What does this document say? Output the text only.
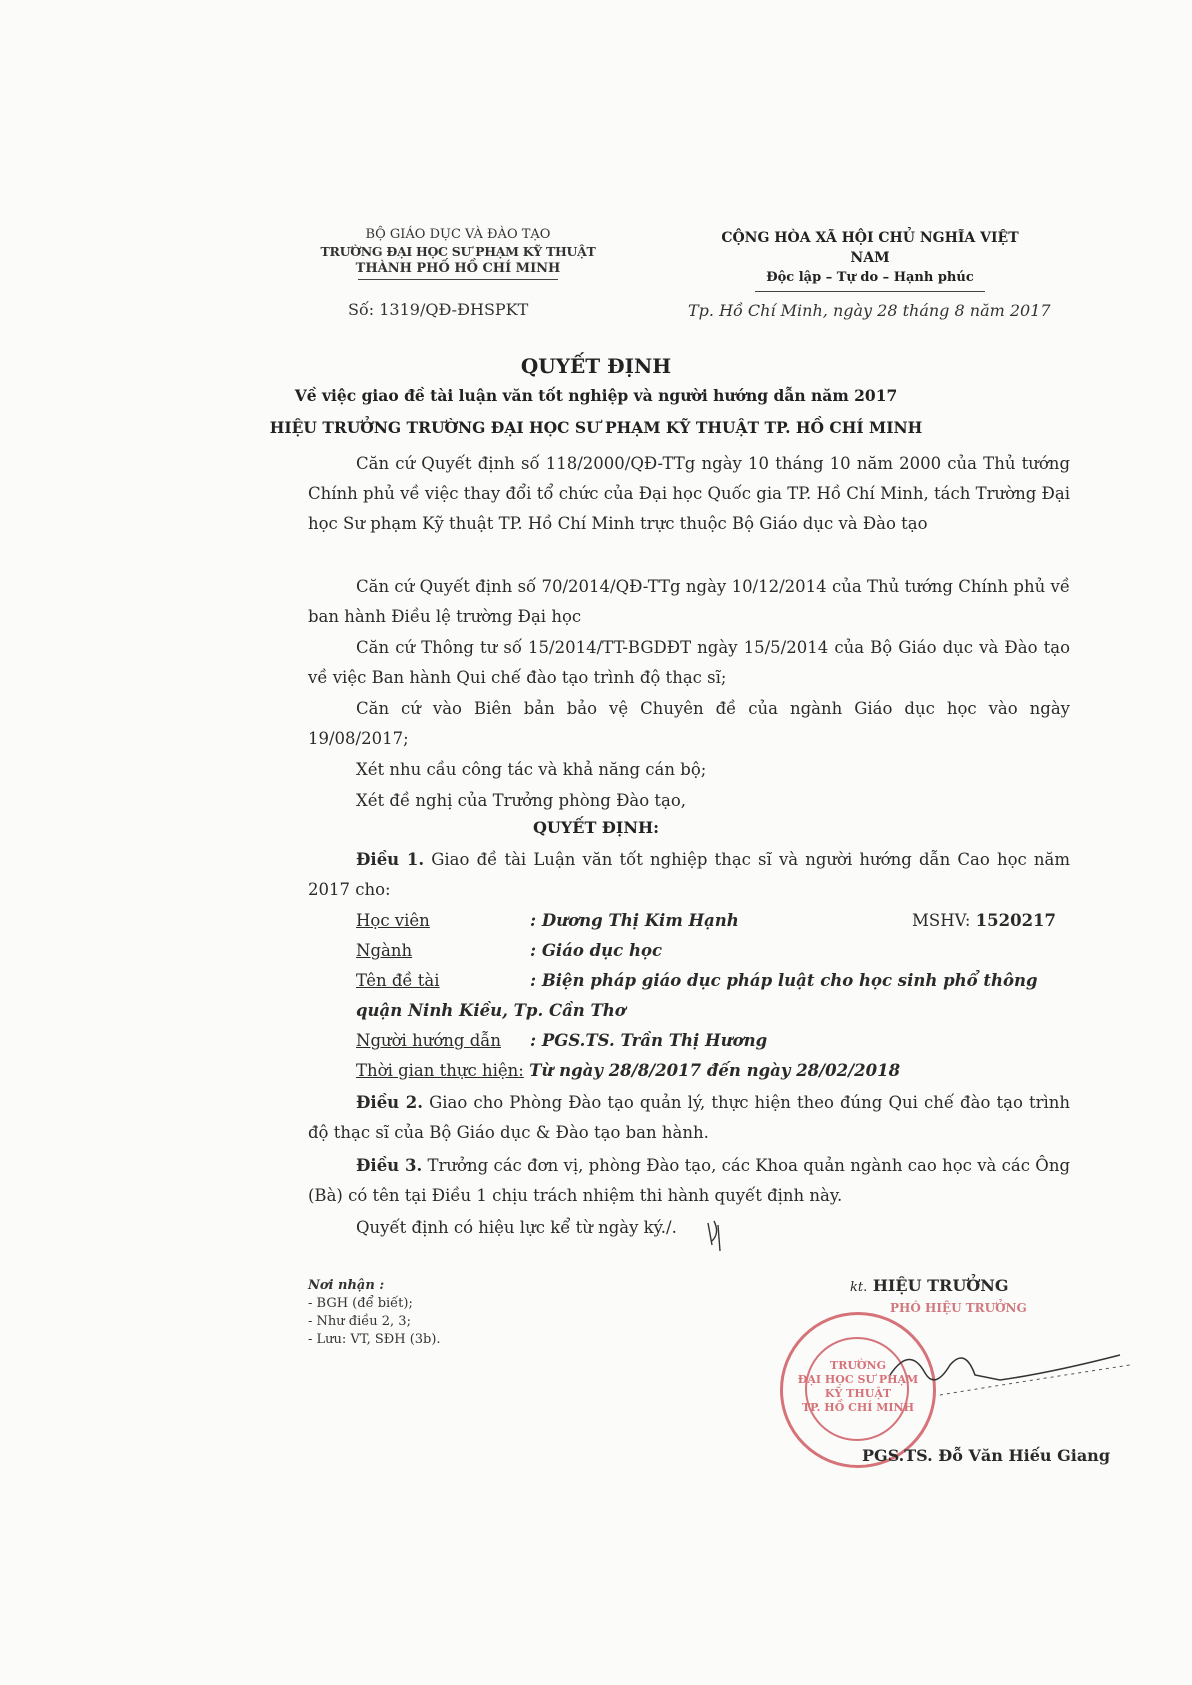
BỘ GIÁO DỤC VÀ ĐÀO TẠO
TRƯỜNG ĐẠI HỌC SƯ PHẠM KỸ THUẬT
THÀNH PHỐ HỒ CHÍ MINH
CỘNG HÒA XÃ HỘI CHỦ NGHĨA VIỆT NAM
Độc lập – Tự do – Hạnh phúc
Số: 1319/QĐ-ĐHSPKT	Tp. Hồ Chí Minh, ngày 28 tháng 8 năm 2017
QUYẾT ĐỊNH
Về việc giao đề tài luận văn tốt nghiệp và người hướng dẫn năm 2017
HIỆU TRƯỞNG TRƯỜNG ĐẠI HỌC SƯ PHẠM KỸ THUẬT TP. HỒ CHÍ MINH
Căn cứ Quyết định số 118/2000/QĐ-TTg ngày 10 tháng 10 năm 2000 của Thủ tướng Chính phủ về việc thay đổi tổ chức của Đại học Quốc gia TP. Hồ Chí Minh, tách Trường Đại học Sư phạm Kỹ thuật TP. Hồ Chí Minh trực thuộc Bộ Giáo dục và Đào tạo
Căn cứ Quyết định số 70/2014/QĐ-TTg ngày 10/12/2014 của Thủ tướng Chính phủ về ban hành Điều lệ trường Đại học
Căn cứ Thông tư số 15/2014/TT-BGDĐT ngày 15/5/2014 của Bộ Giáo dục và Đào tạo về việc Ban hành Qui chế đào tạo trình độ thạc sĩ;
Căn cứ vào Biên bản bảo vệ Chuyên đề của ngành Giáo dục học vào ngày 19/08/2017;
Xét nhu cầu công tác và khả năng cán bộ;
Xét đề nghị của Trưởng phòng Đào tạo,
QUYẾT ĐỊNH:
Điều 1. Giao đề tài Luận văn tốt nghiệp thạc sĩ và người hướng dẫn Cao học năm 2017 cho:
Học viên	: Dương Thị Kim Hạnh	MSHV: 1520217
Ngành	: Giáo dục học
Tên đề tài	: Biện pháp giáo dục pháp luật cho học sinh phổ thông
quận Ninh Kiều, Tp. Cần Thơ
Người hướng dẫn : PGS.TS. Trần Thị Hương
Thời gian thực hiện: Từ ngày 28/8/2017 đến ngày 28/02/2018
Điều 2. Giao cho Phòng Đào tạo quản lý, thực hiện theo đúng Qui chế đào tạo trình độ thạc sĩ của Bộ Giáo dục & Đào tạo ban hành.
Điều 3. Trưởng các đơn vị, phòng Đào tạo, các Khoa quản ngành cao học và các Ông (Bà) có tên tại Điều 1 chịu trách nhiệm thi hành quyết định này.
Quyết định có hiệu lực kể từ ngày ký./.
Nơi nhận :
- BGH (để biết);
- Như điều 2, 3;
- Lưu: VT, SĐH (3b).
kt. HIỆU TRƯỞNG
PHÓ HIỆU TRƯỞNG
TRƯỜNG
ĐẠI HỌC SƯ PHẠM
KỸ THUẬT
TP. HỒ CHÍ MINH
PGS.TS. Đỗ Văn Hiếu Giang
